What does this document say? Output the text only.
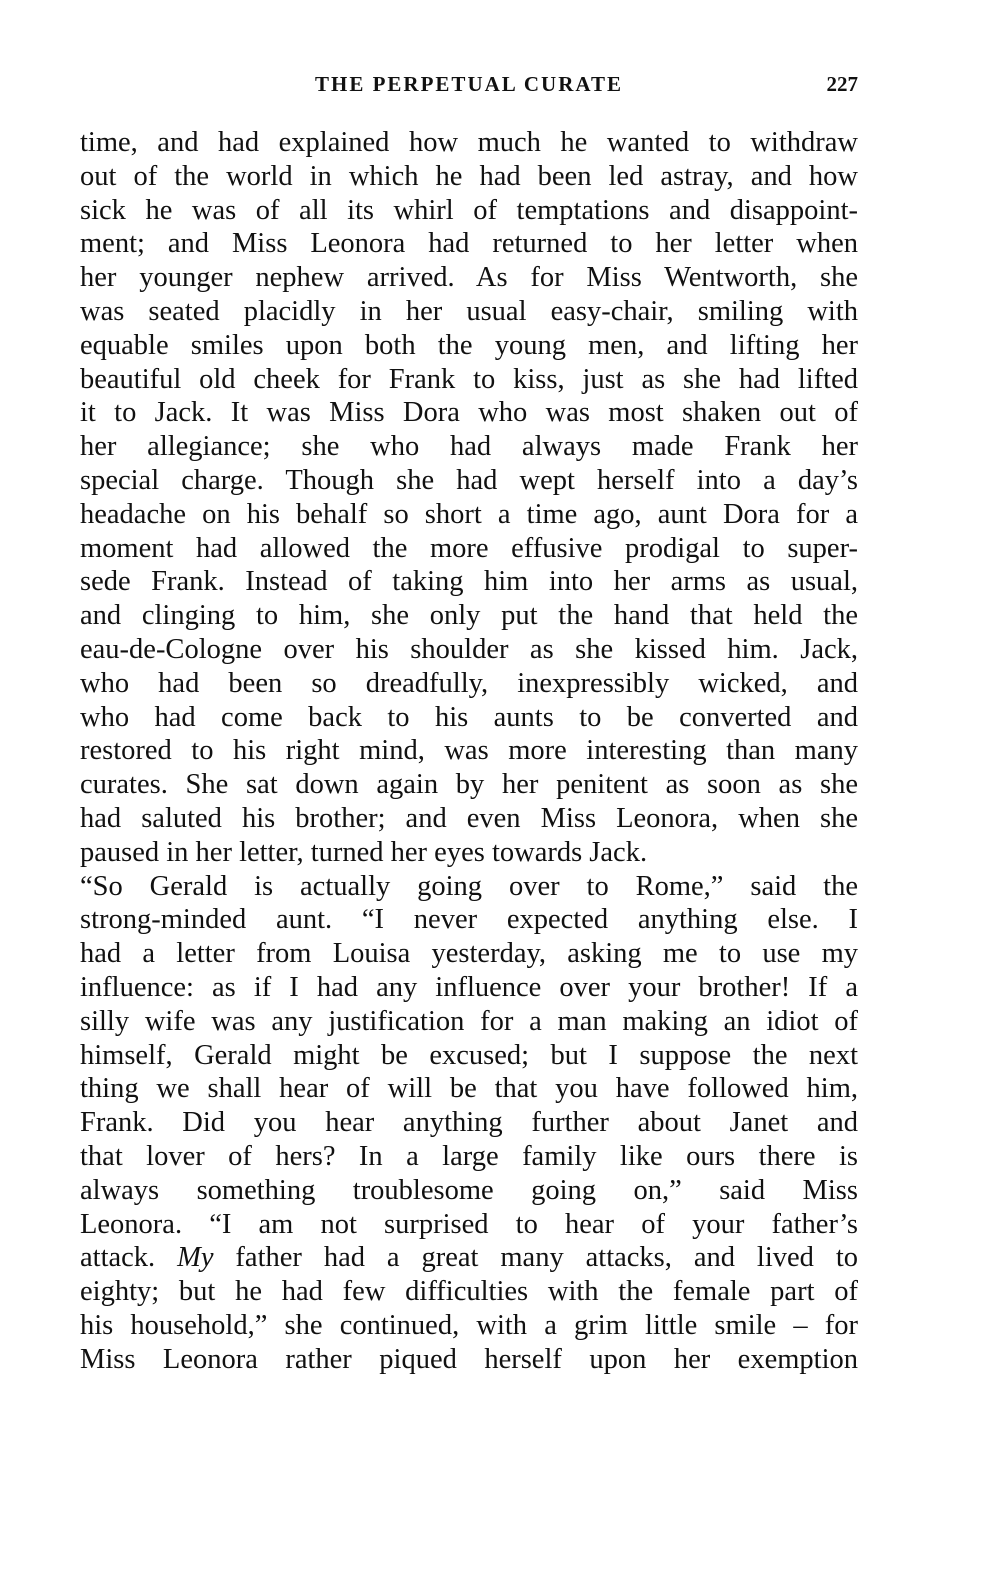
THE PERPETUAL CURATE	227
time, and had explained how much he wanted to withdraw
out of the world in which he had been led astray, and how
sick he was of all its whirl of temptations and disappoint-
ment; and Miss Leonora had returned to her letter when
her younger nephew arrived. As for Miss Wentworth, she
was seated placidly in her usual easy-chair, smiling with
equable smiles upon both the young men, and lifting her
beautiful old cheek for Frank to kiss, just as she had lifted
it to Jack. It was Miss Dora who was most shaken out of
her allegiance; she who had always made Frank her
special charge. Though she had wept herself into a day’s
headache on his behalf so short a time ago, aunt Dora for a
moment had allowed the more effusive prodigal to super-
sede Frank. Instead of taking him into her arms as usual,
and clinging to him, she only put the hand that held the
eau-de-Cologne over his shoulder as she kissed him. Jack,
who had been so dreadfully, inexpressibly wicked, and
who had come back to his aunts to be converted and
restored to his right mind, was more interesting than many
curates. She sat down again by her penitent as soon as she
had saluted his brother; and even Miss Leonora, when she
paused in her letter, turned her eyes towards Jack.
“So Gerald is actually going over to Rome,” said the
strong-minded aunt. “I never expected anything else. I
had a letter from Louisa yesterday, asking me to use my
influence: as if I had any influence over your brother! If a
silly wife was any justification for a man making an idiot of
himself, Gerald might be excused; but I suppose the next
thing we shall hear of will be that you have followed him,
Frank. Did you hear anything further about Janet and
that lover of hers? In a large family like ours there is
always something troublesome going on,” said Miss
Leonora. “I am not surprised to hear of your father’s
attack. My father had a great many attacks, and lived to
eighty; but he had few difficulties with the female part of
his household,” she continued, with a grim little smile – for
Miss Leonora rather piqued herself upon her exemption
